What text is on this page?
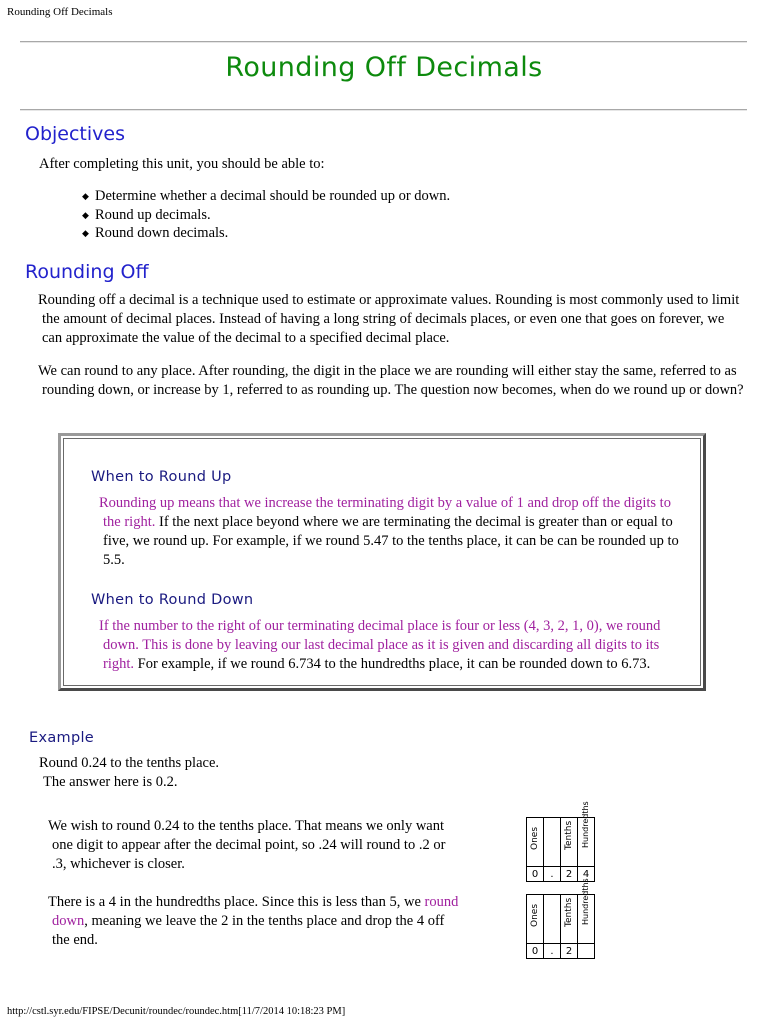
Rounding Off Decimals
Rounding Off Decimals
Objectives
After completing this unit, you should be able to:
◆ Determine whether a decimal should be rounded up or down.
◆ Round up decimals.
◆ Round down decimals.
Rounding Off
Rounding off a decimal is a technique used to estimate or approximate values. Rounding is most commonly used to limit the amount of decimal places. Instead of having a long string of decimals places, or even one that goes on forever, we can approximate the value of the decimal to a specified decimal place.
We can round to any place. After rounding, the digit in the place we are rounding will either stay the same, referred to as rounding down, or increase by 1, referred to as rounding up. The question now becomes, when do we round up or down?
When to Round Up
Rounding up means that we increase the terminating digit by a value of 1 and drop off the digits to the right. If the next place beyond where we are terminating the decimal is greater than or equal to five, we round up. For example, if we round 5.47 to the tenths place, it can be can be rounded up to 5.5.
When to Round Down
If the number to the right of our terminating decimal place is four or less (4, 3, 2, 1, 0), we round down. This is done by leaving our last decimal place as it is given and discarding all digits to its right. For example, if we round 6.734 to the hundredths place, it can be rounded down to 6.73.
Example
Round 0.24 to the tenths place.
The answer here is 0.2.
We wish to round 0.24 to the tenths place. That means we only want one digit to appear after the decimal point, so .24 will round to .2 or .3, whichever is closer.
There is a 4 in the hundredths place. Since this is less than 5, we round down, meaning we leave the 2 in the tenths place and drop the 4 off the end.
Ones		Tenths	Hundredths

0	.	2	4
Ones		Tenths	Hundredths

0	.	2	
http://cstl.syr.edu/FIPSE/Decunit/roundec/roundec.htm[11/7/2014 10:18:23 PM]
